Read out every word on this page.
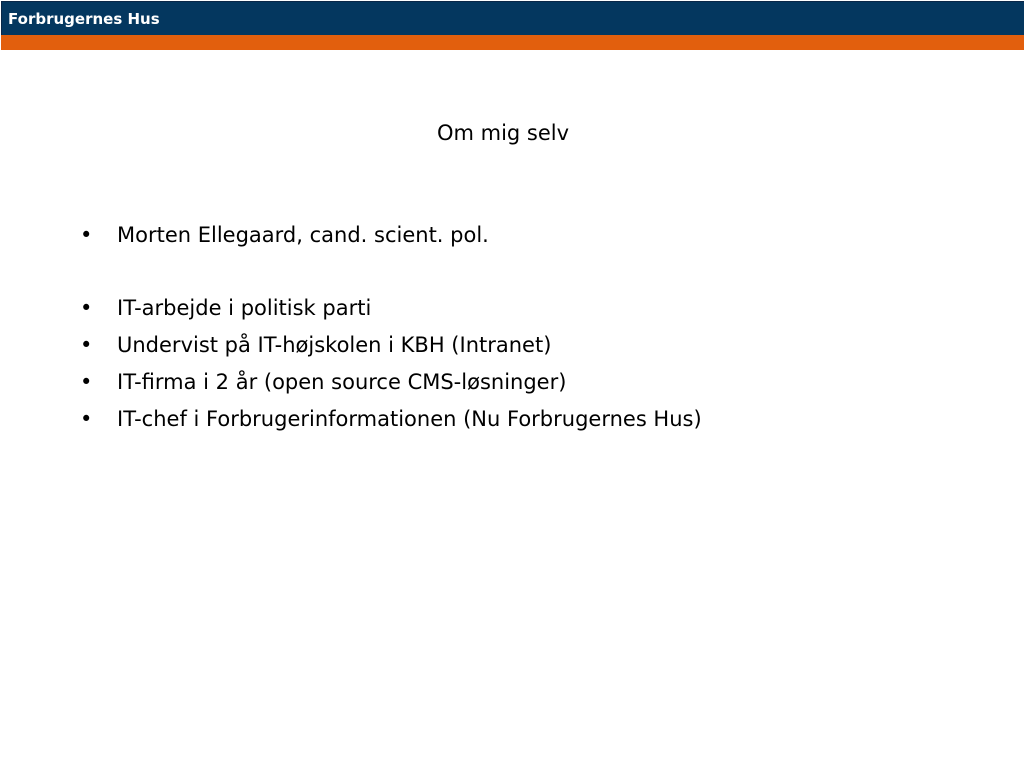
Forbrugernes Hus
Om mig selv
•	Morten Ellegaard, cand. scient. pol.
•	IT-arbejde i politisk parti
•	Undervist på IT-højskolen i KBH (Intranet)
•	IT-firma i 2 år (open source CMS-løsninger)
•	IT-chef i Forbrugerinformationen (Nu Forbrugernes Hus)
